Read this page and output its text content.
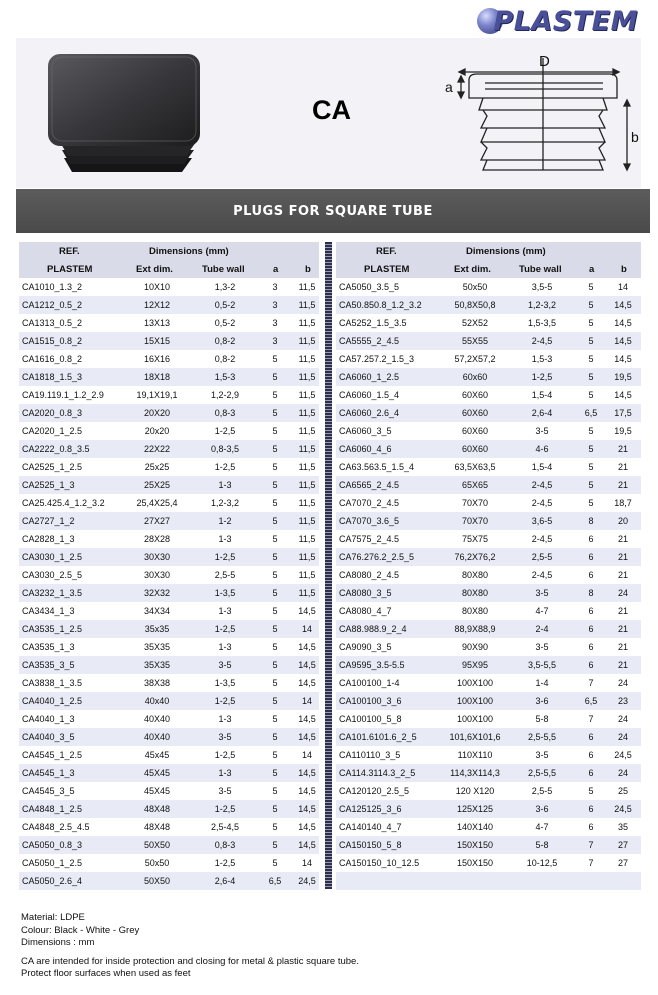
PLASTEM
CA
D
a
b
PLUGS FOR SQUARE TUBE
REF.	Dimensions (mm)
PLASTEM	Ext dim.	Tube wall	a	b
CA1010_1.3_2	10X10	1,3-2	3	11,5
CA1212_0.5_2	12X12	0,5-2	3	11,5
CA1313_0.5_2	13X13	0,5-2	3	11,5
CA1515_0.8_2	15X15	0,8-2	3	11,5
CA1616_0.8_2	16X16	0,8-2	5	11,5
CA1818_1.5_3	18X18	1,5-3	5	11,5
CA19.119.1_1.2_2.9	19,1X19,1	1,2-2,9	5	11,5
CA2020_0.8_3	20X20	0,8-3	5	11,5
CA2020_1_2.5	20x20	1-2,5	5	11,5
CA2222_0.8_3.5	22X22	0,8-3,5	5	11,5
CA2525_1_2.5	25x25	1-2,5	5	11,5
CA2525_1_3	25X25	1-3	5	11,5
CA25.425.4_1.2_3.2	25,4X25,4	1,2-3,2	5	11,5
CA2727_1_2	27X27	1-2	5	11,5
CA2828_1_3	28X28	1-3	5	11,5
CA3030_1_2.5	30X30	1-2,5	5	11,5
CA3030_2.5_5	30X30	2,5-5	5	11,5
CA3232_1_3.5	32X32	1-3,5	5	11,5
CA3434_1_3	34X34	1-3	5	14,5
CA3535_1_2.5	35x35	1-2,5	5	14
CA3535_1_3	35X35	1-3	5	14,5
CA3535_3_5	35X35	3-5	5	14,5
CA3838_1_3.5	38X38	1-3,5	5	14,5
CA4040_1_2.5	40x40	1-2,5	5	14
CA4040_1_3	40X40	1-3	5	14,5
CA4040_3_5	40X40	3-5	5	14,5
CA4545_1_2.5	45x45	1-2,5	5	14
CA4545_1_3	45X45	1-3	5	14,5
CA4545_3_5	45X45	3-5	5	14,5
CA4848_1_2.5	48X48	1-2,5	5	14,5
CA4848_2.5_4.5	48X48	2,5-4,5	5	14,5
CA5050_0.8_3	50X50	0,8-3	5	14,5
CA5050_1_2.5	50x50	1-2,5	5	14
CA5050_2.6_4	50X50	2,6-4	6,5	24,5
REF.	Dimensions (mm)
PLASTEM	Ext dim.	Tube wall	a	b
CA5050_3.5_5	50x50	3,5-5	5	14
CA50.850.8_1.2_3.2	50,8X50,8	1,2-3,2	5	14,5
CA5252_1.5_3.5	52X52	1,5-3,5	5	14,5
CA5555_2_4.5	55X55	2-4,5	5	14,5
CA57.257.2_1.5_3	57,2X57,2	1,5-3	5	14,5
CA6060_1_2.5	60x60	1-2,5	5	19,5
CA6060_1.5_4	60X60	1,5-4	5	14,5
CA6060_2.6_4	60X60	2,6-4	6,5	17,5
CA6060_3_5	60X60	3-5	5	19,5
CA6060_4_6	60X60	4-6	5	21
CA63.563.5_1.5_4	63,5X63,5	1,5-4	5	21
CA6565_2_4.5	65X65	2-4,5	5	21
CA7070_2_4.5	70X70	2-4,5	5	18,7
CA7070_3.6_5	70X70	3,6-5	8	20
CA7575_2_4.5	75X75	2-4,5	6	21
CA76.276.2_2.5_5	76,2X76,2	2,5-5	6	21
CA8080_2_4.5	80X80	2-4,5	6	21
CA8080_3_5	80X80	3-5	8	24
CA8080_4_7	80X80	4-7	6	21
CA88.988.9_2_4	88,9X88,9	2-4	6	21
CA9090_3_5	90X90	3-5	6	21
CA9595_3.5-5.5	95X95	3,5-5,5	6	21
CA100100_1-4	100X100	1-4	7	24
CA100100_3_6	100X100	3-6	6,5	23
CA100100_5_8	100X100	5-8	7	24
CA101.6101.6_2_5	101,6X101,6	2,5-5,5	6	24
CA110110_3_5	110X110	3-5	6	24,5
CA114.3114.3_2_5	114,3X114,3	2,5-5,5	6	24
CA120120_2.5_5	120 X120	2,5-5	5	25
CA125125_3_6	125X125	3-6	6	24,5
CA140140_4_7	140X140	4-7	6	35
CA150150_5_8	150X150	5-8	7	27
CA150150_10_12.5	150X150	10-12,5	7	27

Material: LDPE

Colour: Black - White - Grey

Dimensions : mm

CA are intended for inside protection and closing for metal & plastic square tube.

Protect floor surfaces when used as feet
